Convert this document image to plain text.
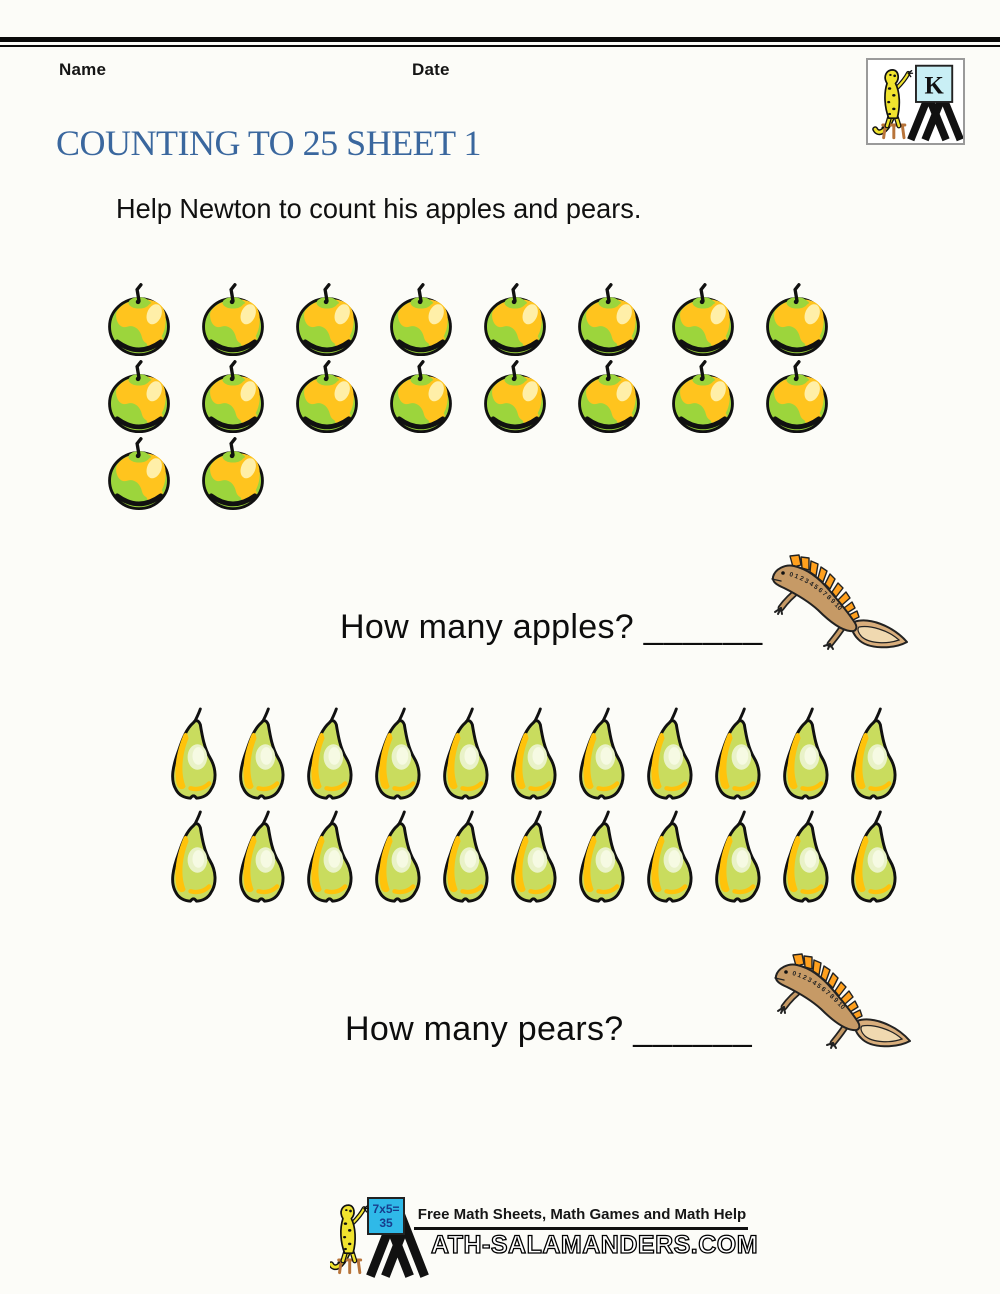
Name	Date
K
COUNTING TO 25 SHEET 1
Help Newton to count his apples and pears.
How many apples? ______
How many pears? ______
7x5=
35 Free Math Sheets, Math Games and Math Help
ATH-SALAMANDERS.COM
